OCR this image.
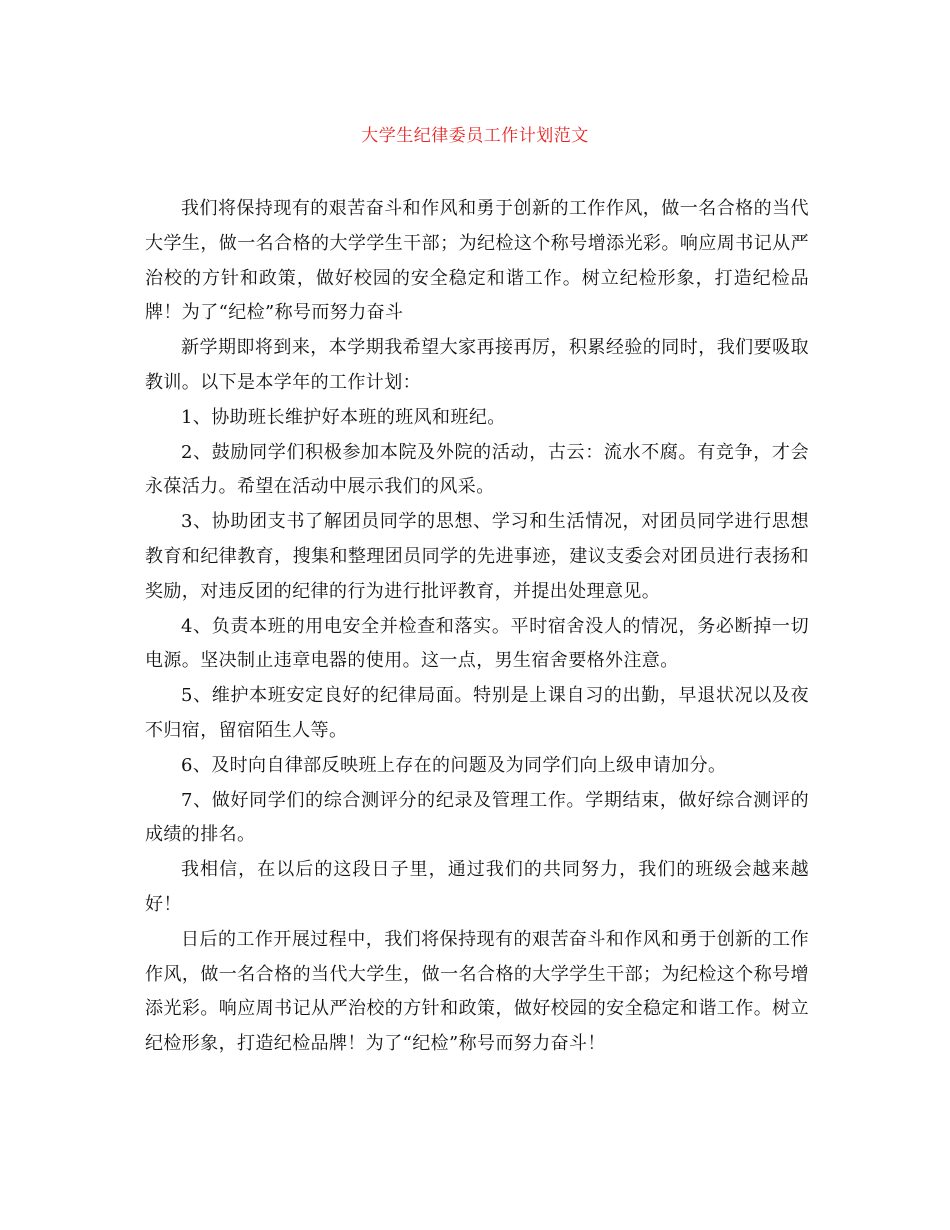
大学生纪律委员工作计划范文

我们将保持现有的艰苦奋斗和作风和勇于创新的工作作风，做一名合格的当代大学生，做一名合格的大学学生干部；为纪检这个称号增添光彩。响应周书记从严治校的方针和政策，做好校园的安全稳定和谐工作。树立纪检形象，打造纪检品牌！为了“纪检”称号而努力奋斗

新学期即将到来，本学期我希望大家再接再厉，积累经验的同时，我们要吸取教训。以下是本学年的工作计划：

1、协助班长维护好本班的班风和班纪。

2、鼓励同学们积极参加本院及外院的活动，古云：流水不腐。有竞争，才会永葆活力。希望在活动中展示我们的风采。

3、协助团支书了解团员同学的思想、学习和生活情况，对团员同学进行思想教育和纪律教育，搜集和整理团员同学的先进事迹，建议支委会对团员进行表扬和奖励，对违反团的纪律的行为进行批评教育，并提出处理意见。

4、负责本班的用电安全并检查和落实。平时宿舍没人的情况，务必断掉一切电源。坚决制止违章电器的使用。这一点，男生宿舍要格外注意。

5、维护本班安定良好的纪律局面。特别是上课自习的出勤，早退状况以及夜不归宿，留宿陌生人等。

6、及时向自律部反映班上存在的问题及为同学们向上级申请加分。

7、做好同学们的综合测评分的纪录及管理工作。学期结束，做好综合测评的成绩的排名。

我相信，在以后的这段日子里，通过我们的共同努力，我们的班级会越来越好！

日后的工作开展过程中，我们将保持现有的艰苦奋斗和作风和勇于创新的工作作风，做一名合格的当代大学生，做一名合格的大学学生干部；为纪检这个称号增添光彩。响应周书记从严治校的方针和政策，做好校园的安全稳定和谐工作。树立纪检形象，打造纪检品牌！为了“纪检”称号而努力奋斗！
